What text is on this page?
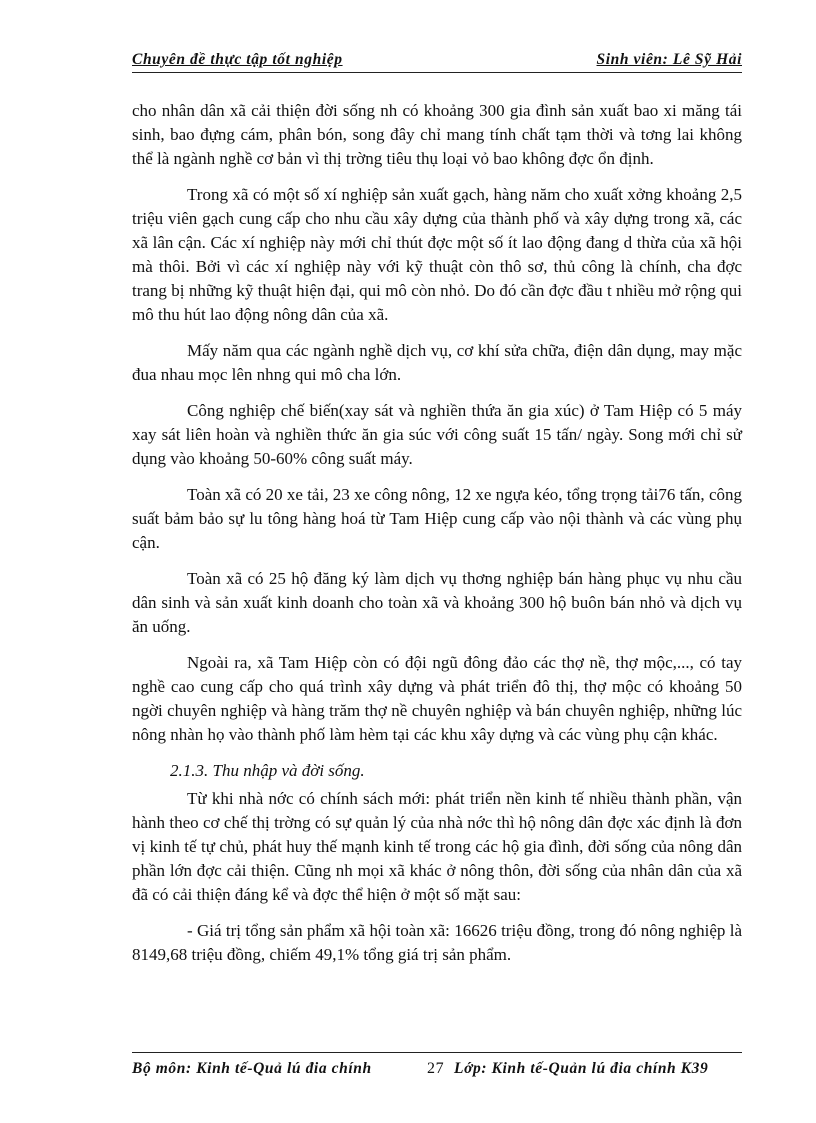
Chuyên đề thực tập tốt nghiệp	Sinh viên: Lê Sỹ Hải

cho nhân dân xã cải thiện đời sống nh có khoảng 300 gia đình sản xuất bao xi măng tái sinh, bao đựng cám, phân bón, song đây chỉ mang tính chất tạm thời và tơng lai không thể là ngành nghề cơ bản vì thị trờng tiêu thụ loại vỏ bao không đợc ổn định.

Trong xã có một số xí nghiệp sản xuất gạch, hàng năm cho xuất xởng khoảng 2,5 triệu viên gạch cung cấp cho nhu cầu xây dựng của thành phố và xây dựng trong xã, các xã lân cận. Các xí nghiệp này mới chỉ thút đợc một số ít lao động đang d thừa của xã hội mà thôi. Bởi vì các xí nghiệp này với kỹ thuật còn thô sơ, thủ công là chính, cha đợc trang bị những kỹ thuật hiện đại, qui mô còn nhỏ. Do đó cần đợc đầu t nhiều mở rộng qui mô thu hút lao động nông dân của xã.

Mấy năm qua các ngành nghề dịch vụ, cơ khí sửa chữa, điện dân dụng, may mặc đua nhau mọc lên nhng qui mô cha lớn.

Công nghiệp chế biến(xay sát và nghiền thứa ăn gia xúc) ở Tam Hiệp có 5 máy xay sát liên hoàn và nghiền thức ăn gia súc với công suất 15 tấn/ ngày. Song mới chỉ sử dụng vào khoảng 50-60% công suất máy.

Toàn xã có 20 xe tải, 23 xe công nông, 12 xe ngựa kéo, tổng trọng tải76 tấn, công suất bảm bảo sự lu tông hàng hoá từ Tam Hiệp cung cấp vào nội thành và các vùng phụ cận.

Toàn xã có 25 hộ đăng ký làm dịch vụ thơng nghiệp bán hàng phục vụ nhu cầu dân sinh và sản xuất kinh doanh cho toàn xã và khoảng 300 hộ buôn bán nhỏ và dịch vụ ăn uống.

Ngoài ra, xã Tam Hiệp còn có đội ngũ đông đảo các thợ nề, thợ mộc,..., có tay nghề cao cung cấp cho quá trình xây dựng và phát triển đô thị, thợ mộc có khoảng 50 ngời chuyên nghiệp và hàng trăm thợ nề chuyên nghiệp và bán chuyên nghiệp, những lúc nông nhàn họ vào thành phố làm hèm tại các khu xây dựng và các vùng phụ cận khác.

2.1.3. Thu nhập và đời sống.

Từ khi nhà nớc có chính sách mới: phát triển nền kinh tế nhiều thành phần, vận hành theo cơ chế thị trờng có sự quản lý của nhà nớc thì hộ nông dân đợc xác định là đơn vị kinh tế tự chủ, phát huy thế mạnh kinh tế trong các hộ gia đình, đời sống của nông dân phần lớn đợc cải thiện. Cũng nh mọi xã khác ở nông thôn, đời sống của nhân dân của xã đã có cải thiện đáng kể và đợc thể hiện ở một số mặt sau:

- Giá trị tổng sản phẩm xã hội toàn xã: 16626 triệu đồng, trong đó nông nghiệp là 8149,68 triệu đồng, chiếm 49,1% tổng giá trị sản phẩm.

Bộ môn: Kinh tế-Quả lú đia chính	27 Lớp: Kinh tế-Quản lú đia chính K39
